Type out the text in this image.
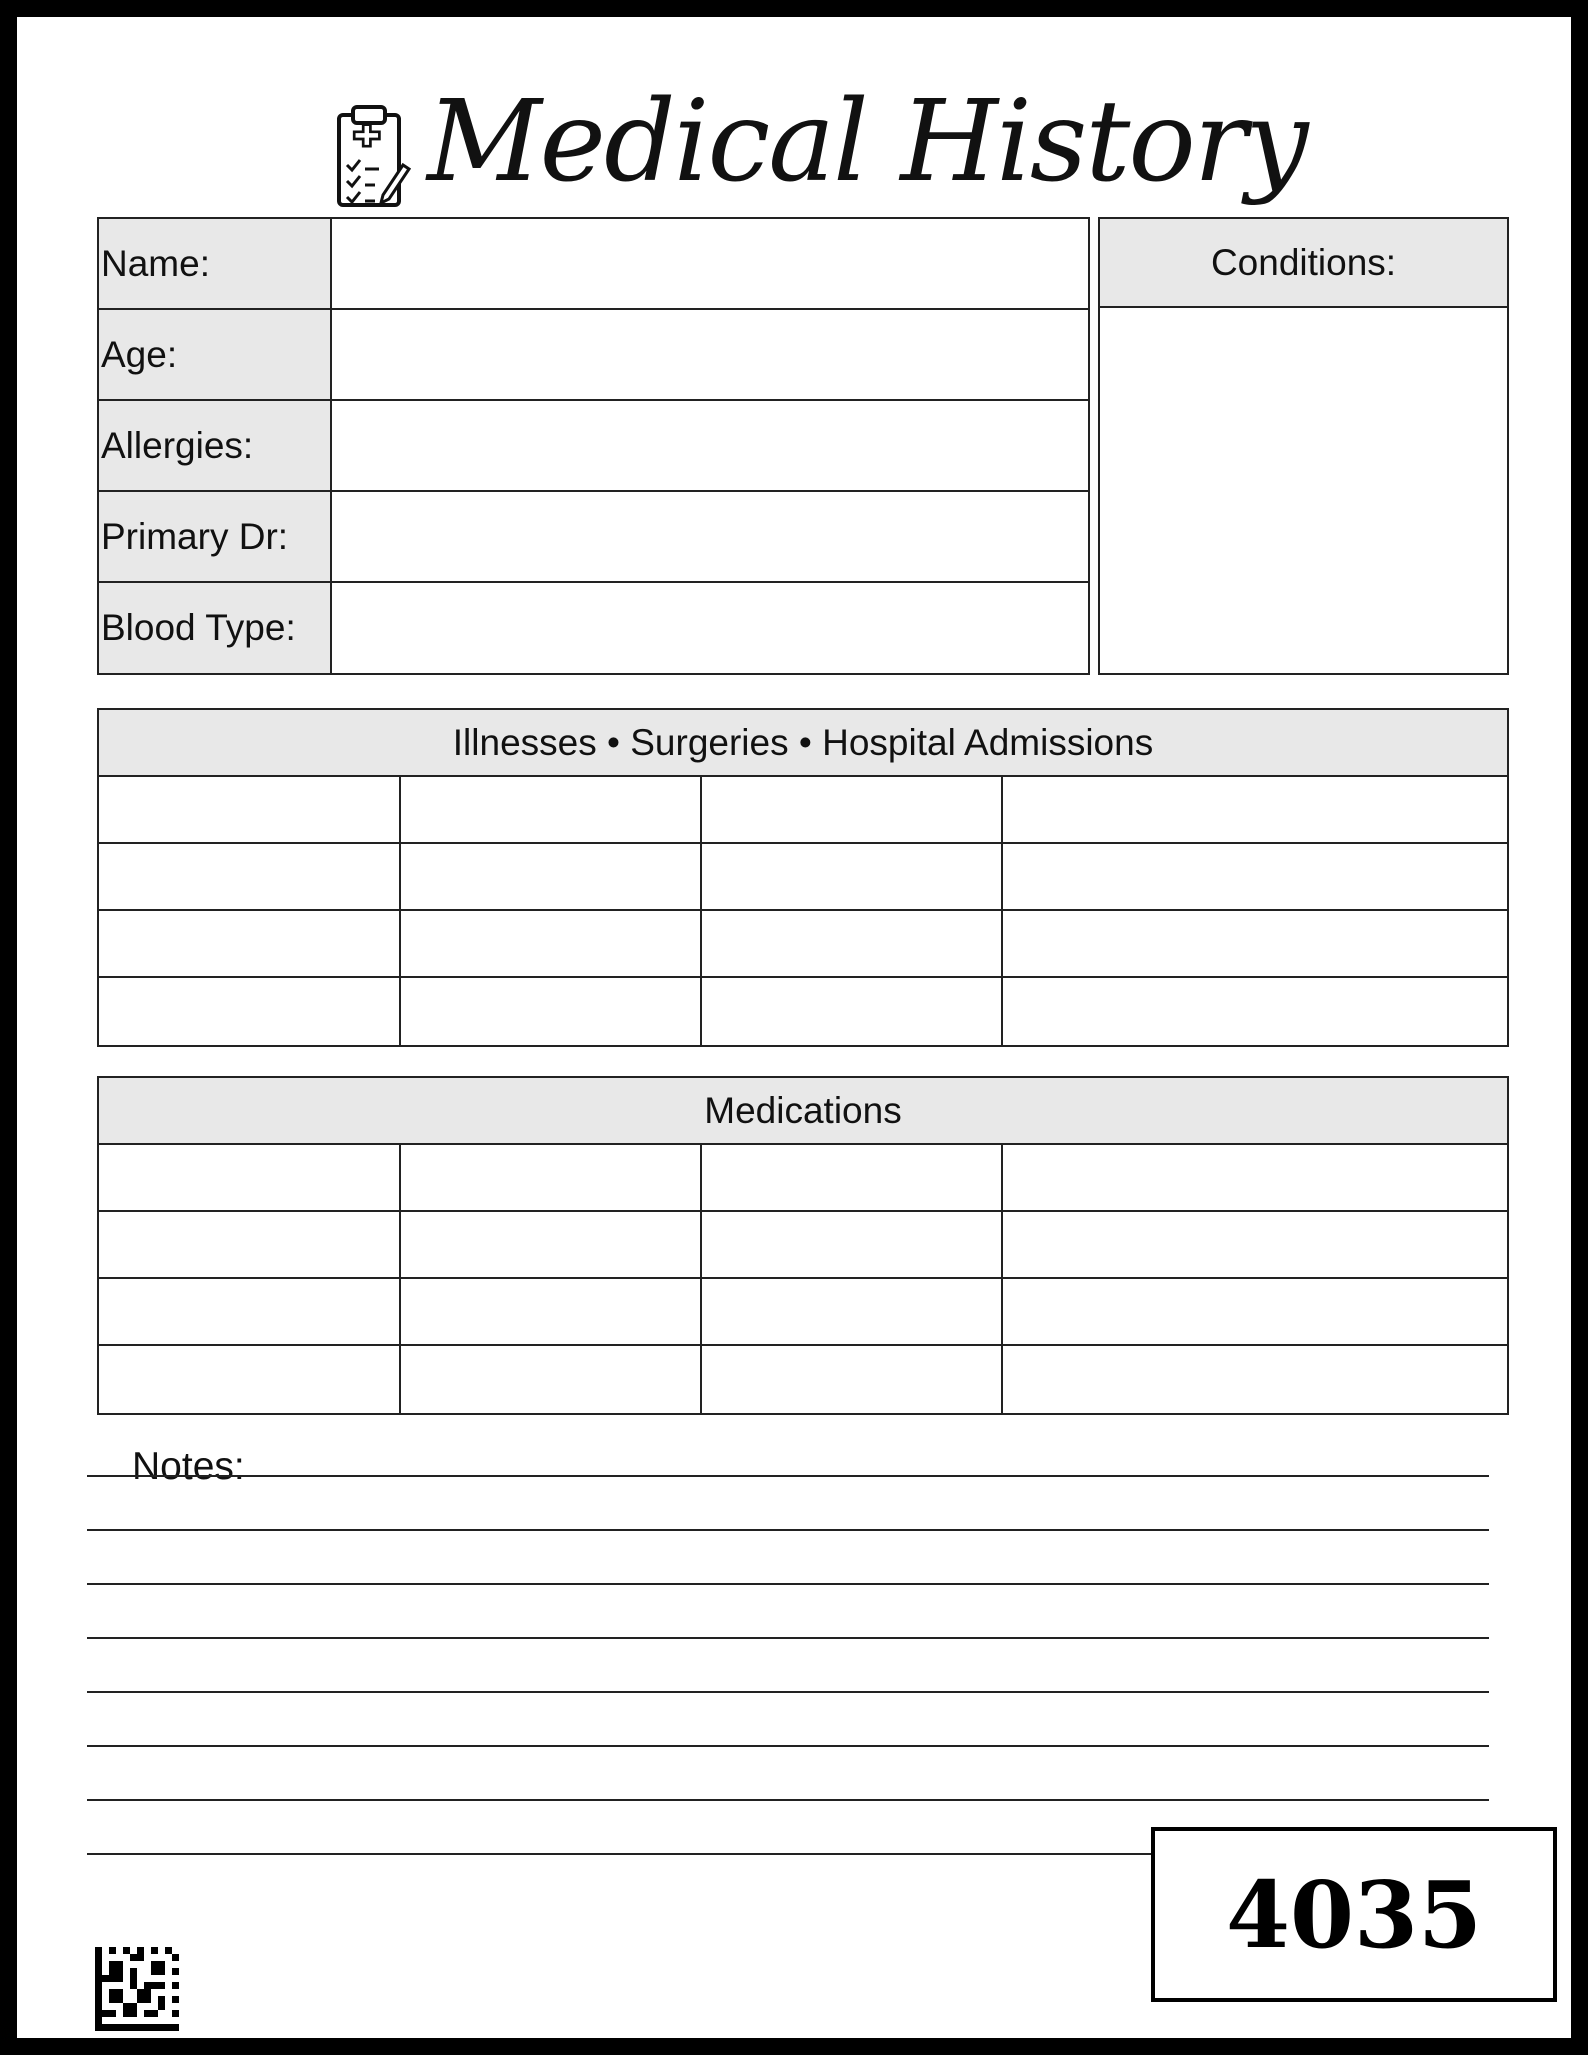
Medical History
Name:
Age:
Allergies:
Primary Dr:
Blood Type:
Conditions:
Illnesses • Surgeries • Hospital Admissions
Medications
Notes:
4035
